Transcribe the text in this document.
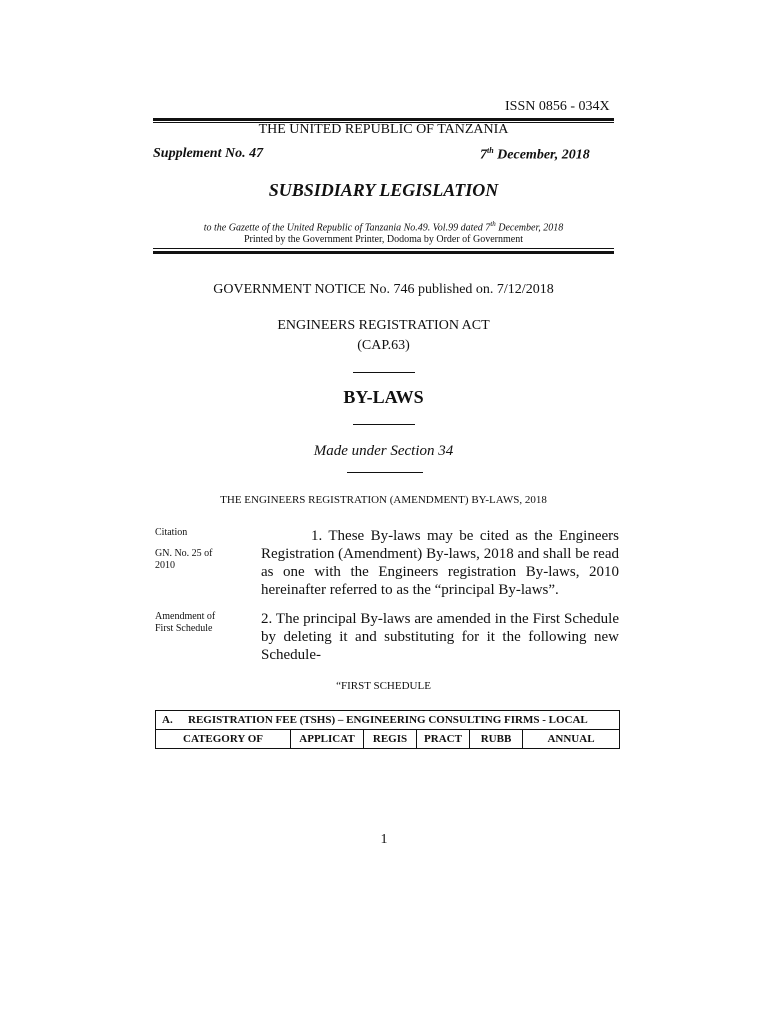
ISSN 0856 - 034X
THE UNITED REPUBLIC OF TANZANIA
Supplement No. 47	7th December, 2018
SUBSIDIARY LEGISLATION
to the Gazette of the United Republic of Tanzania No.49. Vol.99 dated 7th December, 2018
Printed by the Government Printer, Dodoma by Order of Government
GOVERNMENT NOTICE No. 746 published on. 7/12/2018
ENGINEERS REGISTRATION ACT
(CAP.63)
BY-LAWS
Made under Section 34
THE ENGINEERS REGISTRATION (AMENDMENT) BY-LAWS, 2018
Citation
GN. No. 25 of
2010
1. These By-laws may be cited as the Engineers Registration (Amendment) By-laws, 2018 and shall be read as one with the Engineers registration By-laws, 2010 hereinafter referred to as the “principal By-laws”.
Amendment of
First Schedule
2. The principal By-laws are amended in the First Schedule by deleting it and substituting for it the following new Schedule-
“FIRST SCHEDULE
A. REGISTRATION FEE (TSHS) – ENGINEERING CONSULTING FIRMS - LOCAL
CATEGORY OF	APPLICAT	REGIS	PRACT	RUBB	ANNUAL
1
